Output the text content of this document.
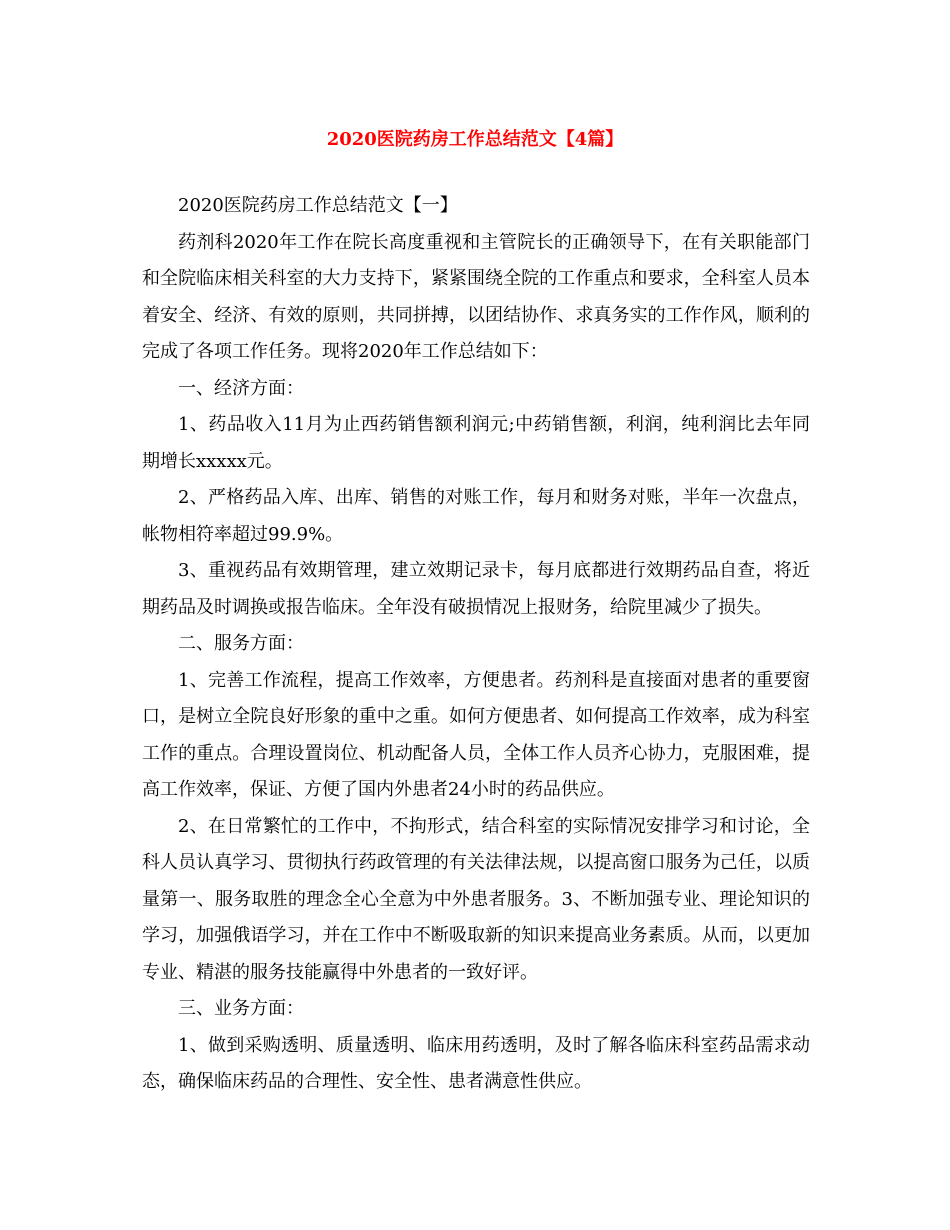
2020医院药房工作总结范文【4篇】

2020医院药房工作总结范文【一】

药剂科2020年工作在院长高度重视和主管院长的正确领导下，在有关职能部门和全院临床相关科室的大力支持下，紧紧围绕全院的工作重点和要求，全科室人员本着安全、经济、有效的原则，共同拼搏，以团结协作、求真务实的工作作风，顺利的完成了各项工作任务。现将2020年工作总结如下：

一、经济方面：

1、药品收入11月为止西药销售额利润元;中药销售额，利润，纯利润比去年同期增长xxxxx元。

2、严格药品入库、出库、销售的对账工作，每月和财务对账，半年一次盘点，帐物相符率超过99.9%。

3、重视药品有效期管理，建立效期记录卡，每月底都进行效期药品自查，将近期药品及时调换或报告临床。全年没有破损情况上报财务，给院里减少了损失。

二、服务方面：

1、完善工作流程，提高工作效率，方便患者。药剂科是直接面对患者的重要窗口，是树立全院良好形象的重中之重。如何方便患者、如何提高工作效率，成为科室工作的重点。合理设置岗位、机动配备人员，全体工作人员齐心协力，克服困难，提高工作效率，保证、方便了国内外患者24小时的药品供应。

2、在日常繁忙的工作中，不拘形式，结合科室的实际情况安排学习和讨论，全科人员认真学习、贯彻执行药政管理的有关法律法规，以提高窗口服务为己任，以质量第一、服务取胜的理念全心全意为中外患者服务。3、不断加强专业、理论知识的学习，加强俄语学习，并在工作中不断吸取新的知识来提高业务素质。从而，以更加专业、精湛的服务技能赢得中外患者的一致好评。

三、业务方面：

1、做到采购透明、质量透明、临床用药透明，及时了解各临床科室药品需求动态，确保临床药品的合理性、安全性、患者满意性供应。
